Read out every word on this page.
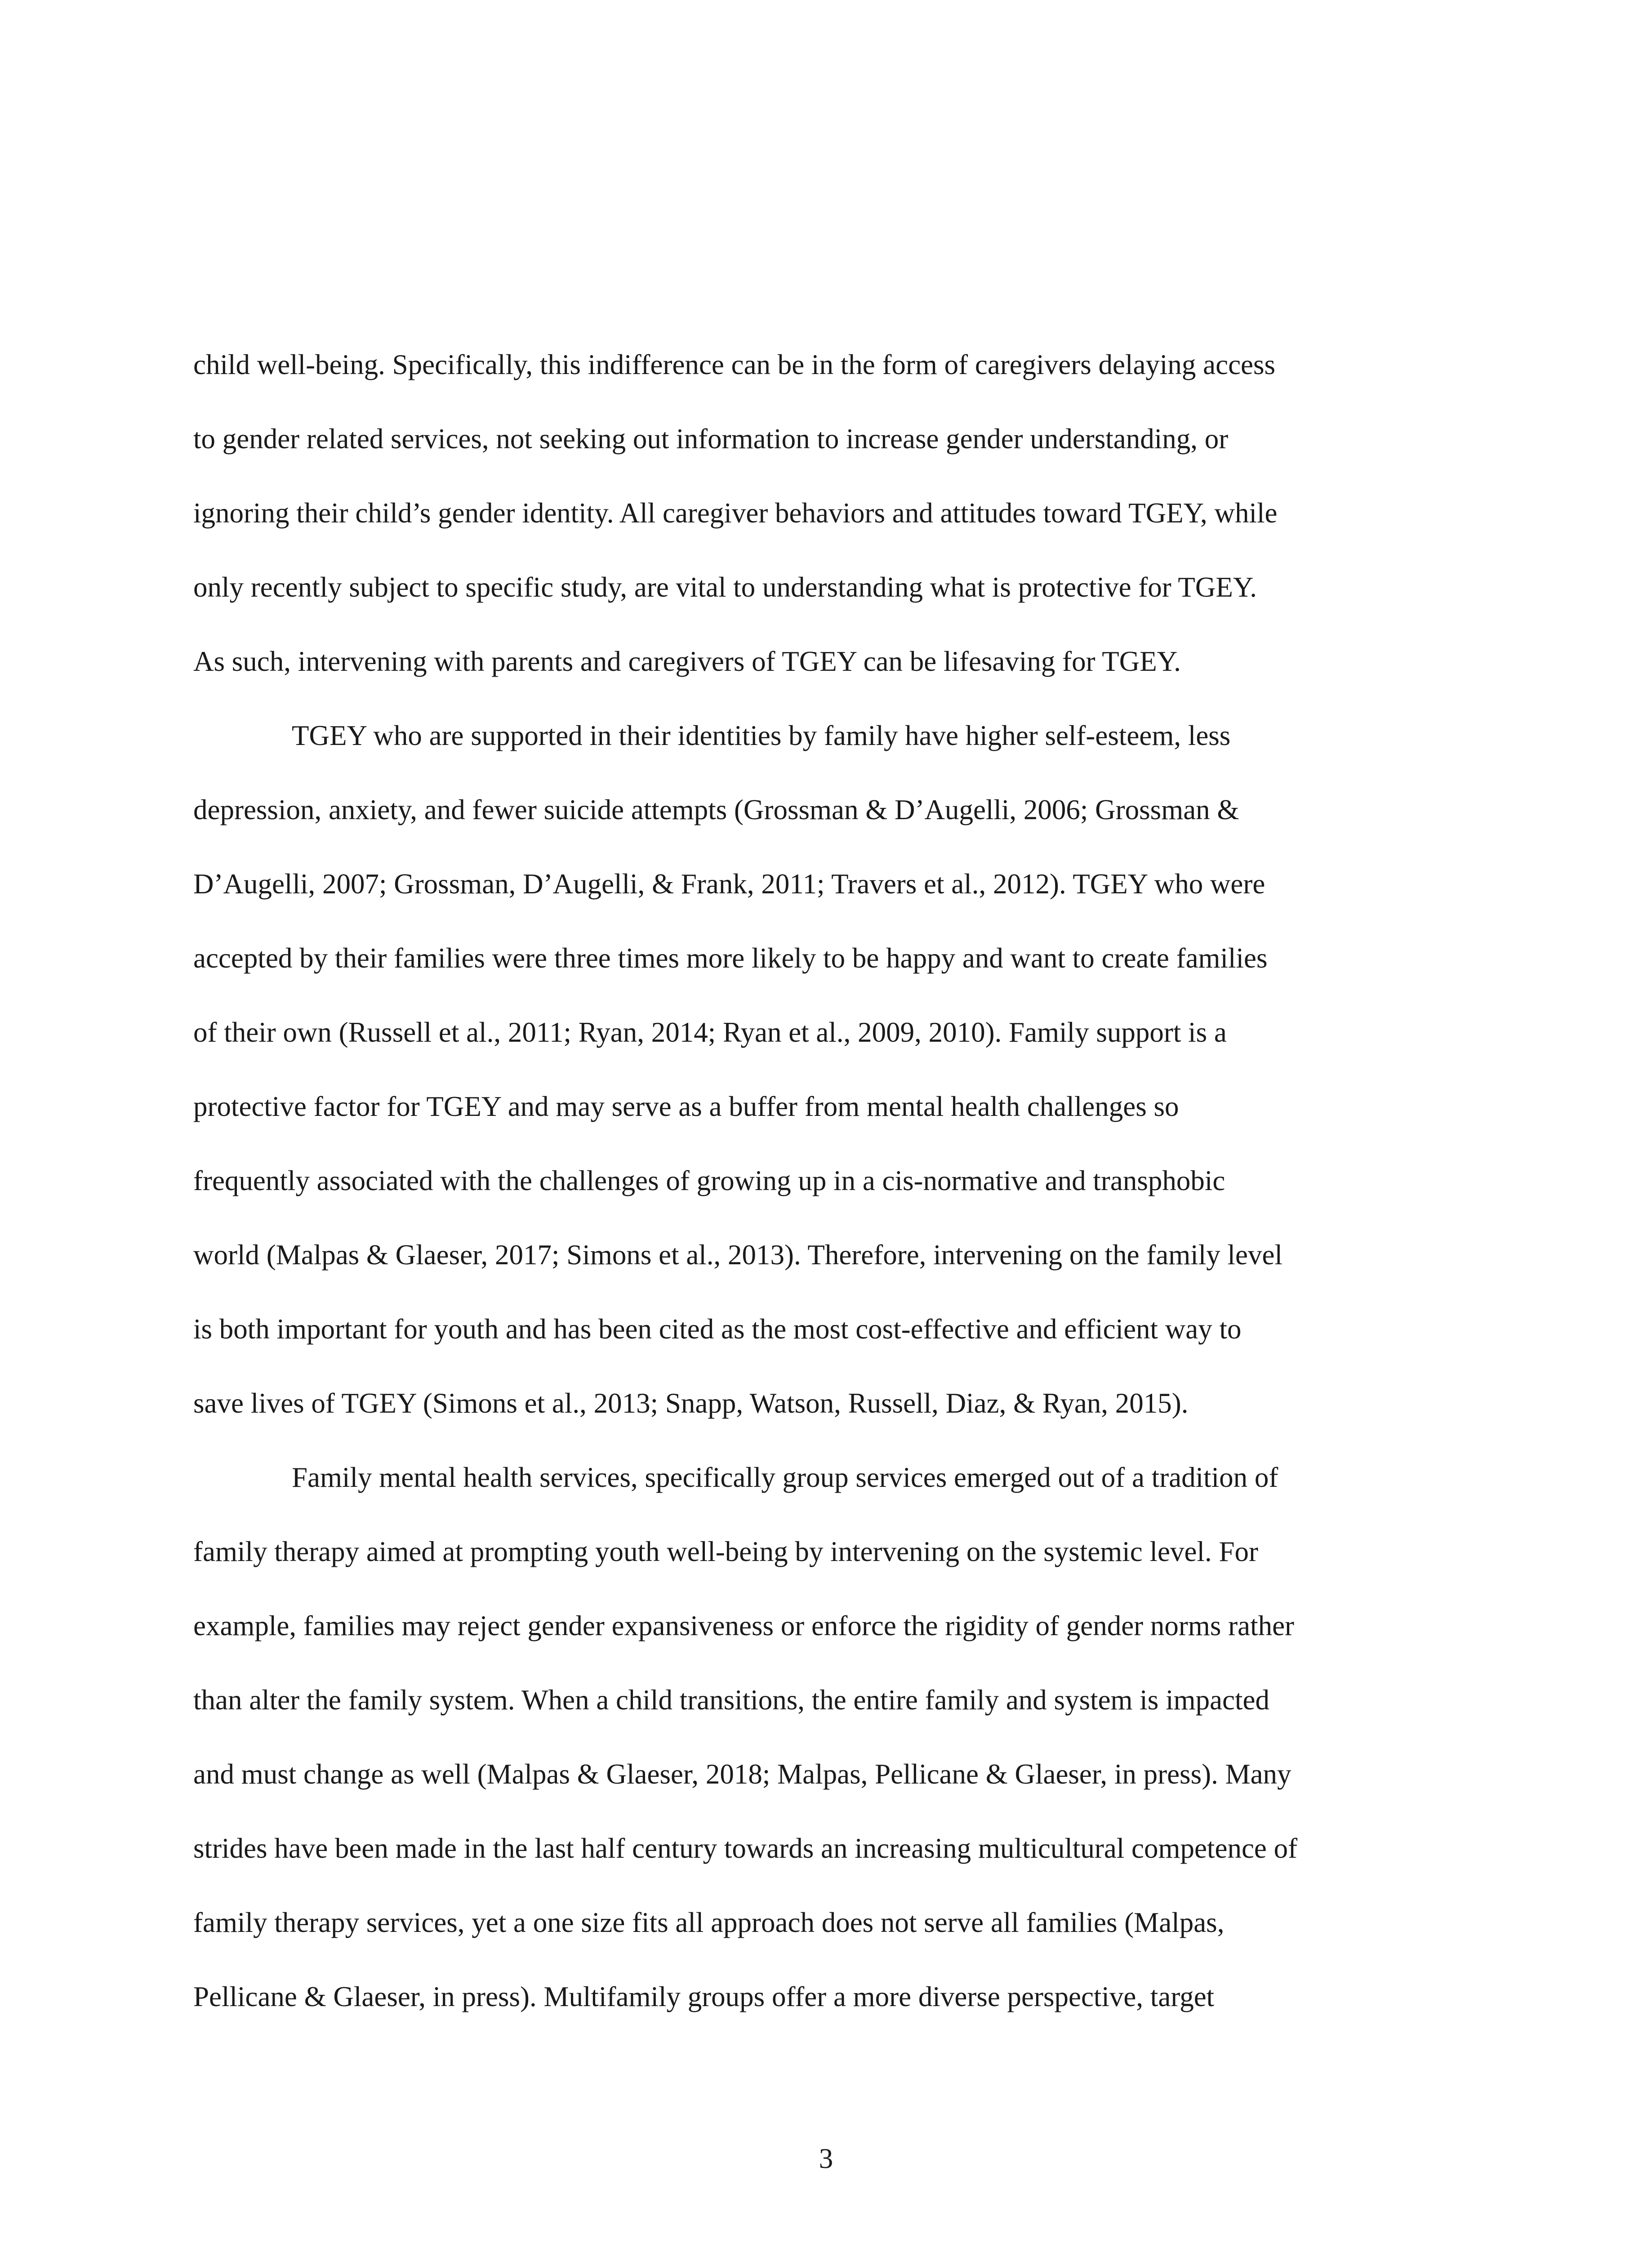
child well-being. Specifically, this indifference can be in the form of caregivers delaying access
to gender related services, not seeking out information to increase gender understanding, or
ignoring their child’s gender identity. All caregiver behaviors and attitudes toward TGEY, while
only recently subject to specific study, are vital to understanding what is protective for TGEY.
As such, intervening with parents and caregivers of TGEY can be lifesaving for TGEY.
TGEY who are supported in their identities by family have higher self-esteem, less
depression, anxiety, and fewer suicide attempts (Grossman & D’Augelli, 2006; Grossman &
D’Augelli, 2007; Grossman, D’Augelli, & Frank, 2011; Travers et al., 2012). TGEY who were
accepted by their families were three times more likely to be happy and want to create families
of their own (Russell et al., 2011; Ryan, 2014; Ryan et al., 2009, 2010). Family support is a
protective factor for TGEY and may serve as a buffer from mental health challenges so
frequently associated with the challenges of growing up in a cis-normative and transphobic
world (Malpas & Glaeser, 2017; Simons et al., 2013). Therefore, intervening on the family level
is both important for youth and has been cited as the most cost-effective and efficient way to
save lives of TGEY (Simons et al., 2013; Snapp, Watson, Russell, Diaz, & Ryan, 2015).
Family mental health services, specifically group services emerged out of a tradition of
family therapy aimed at prompting youth well-being by intervening on the systemic level. For
example, families may reject gender expansiveness or enforce the rigidity of gender norms rather
than alter the family system. When a child transitions, the entire family and system is impacted
and must change as well (Malpas & Glaeser, 2018; Malpas, Pellicane & Glaeser, in press). Many
strides have been made in the last half century towards an increasing multicultural competence of
family therapy services, yet a one size fits all approach does not serve all families (Malpas,
Pellicane & Glaeser, in press). Multifamily groups offer a more diverse perspective, target
3
